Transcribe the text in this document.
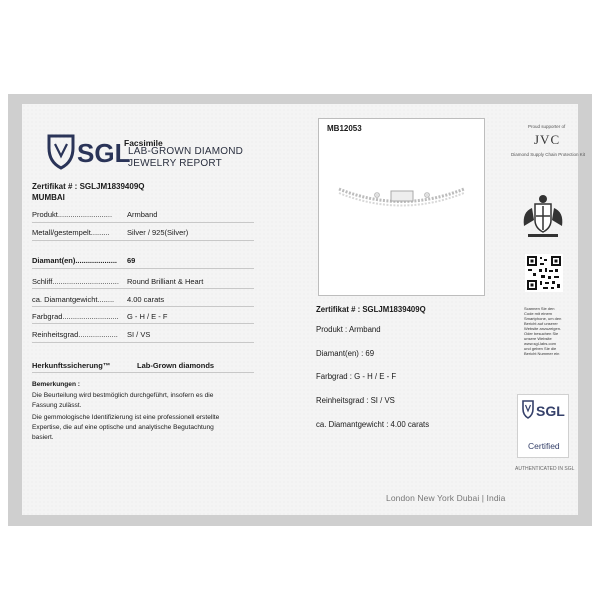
SGL
Facsimile
LAB-GROWN DIAMOND
JEWELRY REPORT
Zertifikat # : SGLJM1839409Q
MUMBAI
Produkt.......................... Armband
Metall/gestempelt......... Silver / 925(Silver)
Diamant(en).................... 69
Schliff................................ Round Brilliant & Heart
ca. Diamantgewicht........ 4.00 carats
Farbgrad........................... G - H / E - F
Reinheitsgrad................... SI / VS
Herkunftssicherung™	Lab-Grown diamonds
Bemerkungen :
Die Beurteilung wird bestmöglich durchgeführt, insofern es die
Fassung zulässt.
Die gemmologische Identifizierung ist eine professionell erstellte
Expertise, die auf eine optische und analytische Begutachtung
basiert.
MB12053
Zertifikat # : SGLJM1839409Q
Produkt : Armband
Diamant(en) : 69
Farbgrad : G - H / E - F
Reinheitsgrad : SI / VS
ca. Diamantgewicht : 4.00 carats
Proud supporter of
JVC
Diamond Supply Chain Protection Kit
Scannen Sie den
Code mit einem
Smartphone, um den
Bericht auf unserer
Website anzuzeigen.
Oder besuchen Sie
unsere Website
www.sgl-labs.com
und geben Sie die
Bericht Nummer ein
SGL
Certified
AUTHENTICATED IN SGL
London New York Dubai | India
